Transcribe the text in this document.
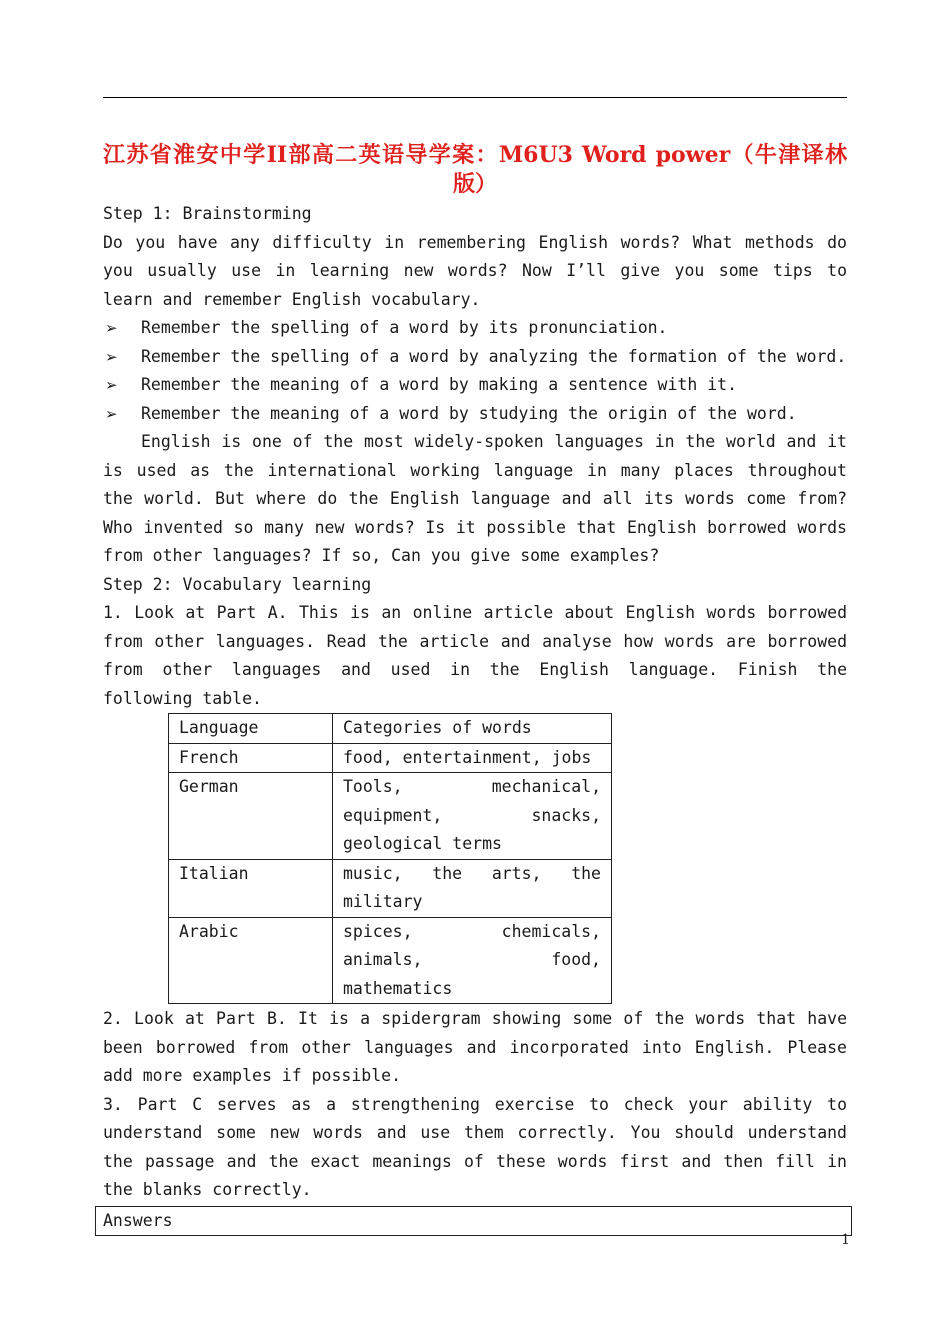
江苏省淮安中学II部高二英语导学案：M6U3 Word power（牛津译林版）

Step 1: Brainstorming

Do you have any difficulty in remembering English words? What methods do you usually use in learning new words? Now I’ll give you some tips to learn and remember English vocabulary.

➢ Remember the spelling of a word by its pronunciation.
➢ Remember the spelling of a word by analyzing the formation of the word.
➢ Remember the meaning of a word by making a sentence with it.
➢ Remember the meaning of a word by studying the origin of the word.

English is one of the most widely-spoken languages in the world and it is used as the international working language in many places throughout the world. But where do the English language and all its words come from? Who invented so many new words? Is it possible that English borrowed words from other languages? If so, Can you give some examples?

Step 2: Vocabulary learning

1. Look at Part A. This is an online article about English words borrowed from other languages. Read the article and analyse how words are borrowed from other languages and used in the English language. Finish the following table.

Language	Categories of words
French	food, entertainment, jobs
German	Tools, mechanical, equipment, snacks, geological terms
Italian	music, the arts, the military
Arabic	spices, chemicals, animals, food, mathematics

2. Look at Part B. It is a spidergram showing some of the words that have been borrowed from other languages and incorporated into English. Please add more examples if possible.

3. Part C serves as a strengthening exercise to check your ability to understand some new words and use them correctly. You should understand the passage and the exact meanings of these words first and then fill in the blanks correctly.

Answers
1
